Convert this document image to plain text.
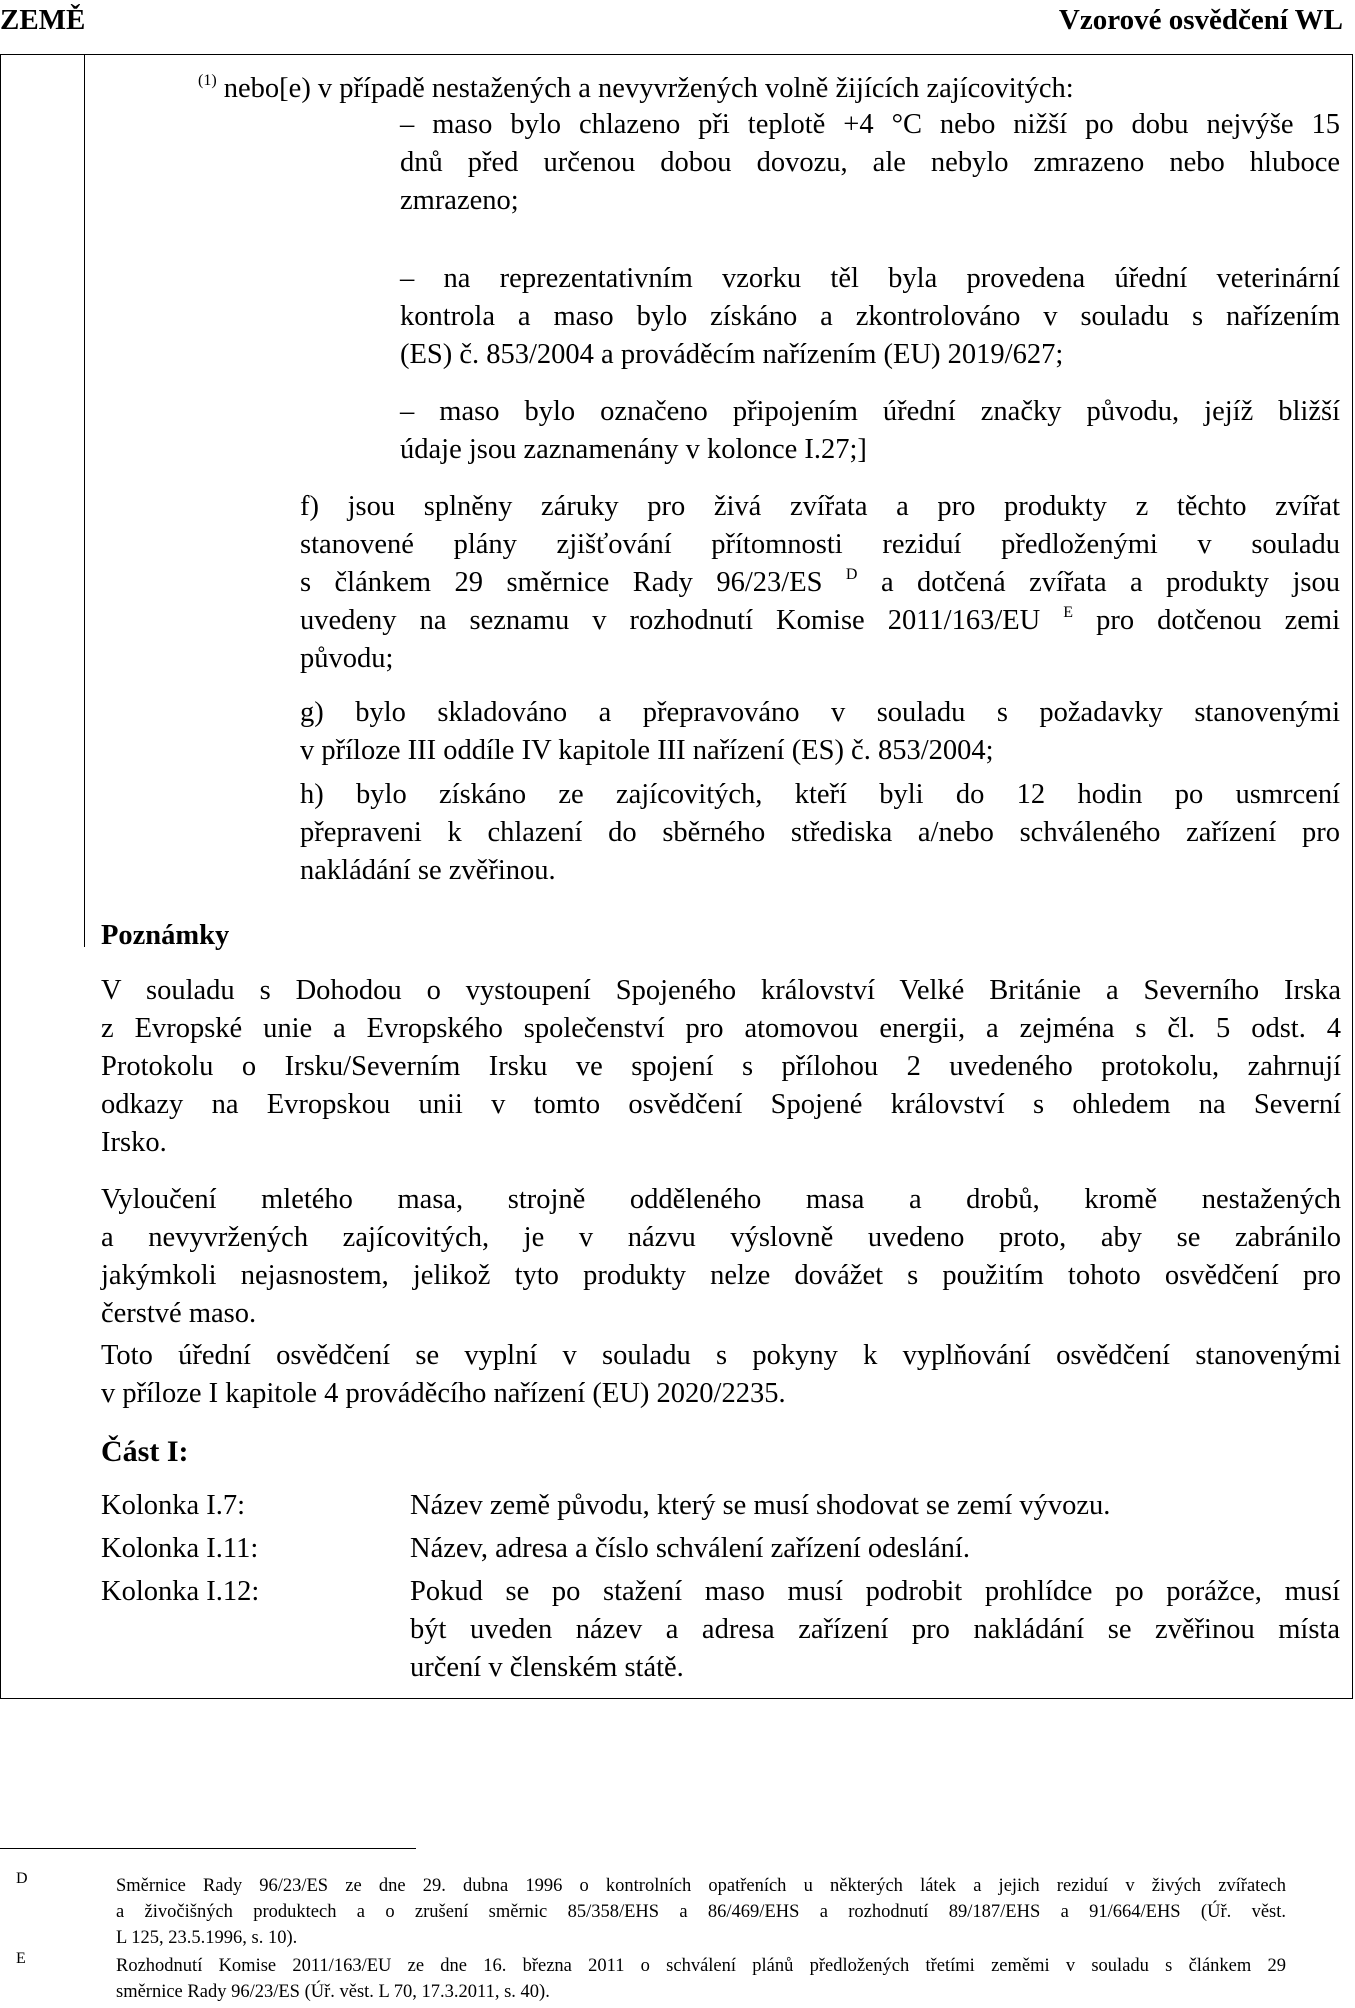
ZEMĚ	Vzorové osvědčení WL
$^{(1)}$ nebo[e) v případě nestažených a nevyvržených volně žijících zajícovitých:
– maso bylo chlazeno při teplotě +4 °C nebo nižší po dobu nejvýše 15
dnů před určenou dobou dovozu, ale nebylo zmrazeno nebo hluboce
zmrazeno;
– na reprezentativním vzorku těl byla provedena úřední veterinární
kontrola a maso bylo získáno a zkontrolováno v souladu s nařízením
(ES) č. 853/2004 a prováděcím nařízením (EU) 2019/627;
– maso bylo označeno připojením úřední značky původu, jejíž bližší
údaje jsou zaznamenány v kolonce I.27;]
f) jsou splněny záruky pro živá zvířata a pro produkty z těchto zvířat
stanovené plány zjišťování přítomnosti reziduí předloženými v souladu
s článkem 29 směrnice Rady 96/23/ES $^D$ a dotčená zvířata a produkty jsou
uvedeny na seznamu v rozhodnutí Komise 2011/163/EU $^E$ pro dotčenou zemi
původu;
g) bylo skladováno a přepravováno v souladu s požadavky stanovenými
v příloze III oddíle IV kapitole III nařízení (ES) č. 853/2004;
h) bylo získáno ze zajícovitých, kteří byli do 12 hodin po usmrcení
přepraveni k chlazení do sběrného střediska a/nebo schváleného zařízení pro
nakládání se zvěřinou.
Poznámky
V souladu s Dohodou o vystoupení Spojeného království Velké Británie a Severního Irska
z Evropské unie a Evropského společenství pro atomovou energii, a zejména s čl. 5 odst. 4
Protokolu o Irsku/Severním Irsku ve spojení s přílohou 2 uvedeného protokolu, zahrnují
odkazy na Evropskou unii v tomto osvědčení Spojené království s ohledem na Severní
Irsko.
Vyloučení mletého masa, strojně odděleného masa a drobů, kromě nestažených
a nevyvržených zajícovitých, je v názvu výslovně uvedeno proto, aby se zabránilo
jakýmkoli nejasnostem, jelikož tyto produkty nelze dovážet s použitím tohoto osvědčení pro
čerstvé maso.
Toto úřední osvědčení se vyplní v souladu s pokyny k vyplňování osvědčení stanovenými
v příloze I kapitole 4 prováděcího nařízení (EU) 2020/2235.
Část I:
Kolonka I.7:	Název země původu, který se musí shodovat se zemí vývozu.
Kolonka I.11:	Název, adresa a číslo schválení zařízení odeslání.
Kolonka I.12:	Pokud se po stažení maso musí podrobit prohlídce po porážce, musí
být uveden název a adresa zařízení pro nakládání se zvěřinou místa
určení v členském státě.
D	Směrnice Rady 96/23/ES ze dne 29. dubna 1996 o kontrolních opatřeních u některých látek a jejich reziduí v živých zvířatech
a živočišných produktech a o zrušení směrnic 85/358/EHS a 86/469/EHS a rozhodnutí 89/187/EHS a 91/664/EHS (Úř. věst.
L 125, 23.5.1996, s. 10).
E	Rozhodnutí Komise 2011/163/EU ze dne 16. března 2011 o schválení plánů předložených třetími zeměmi v souladu s článkem 29
směrnice Rady 96/23/ES (Úř. věst. L 70, 17.3.2011, s. 40).
